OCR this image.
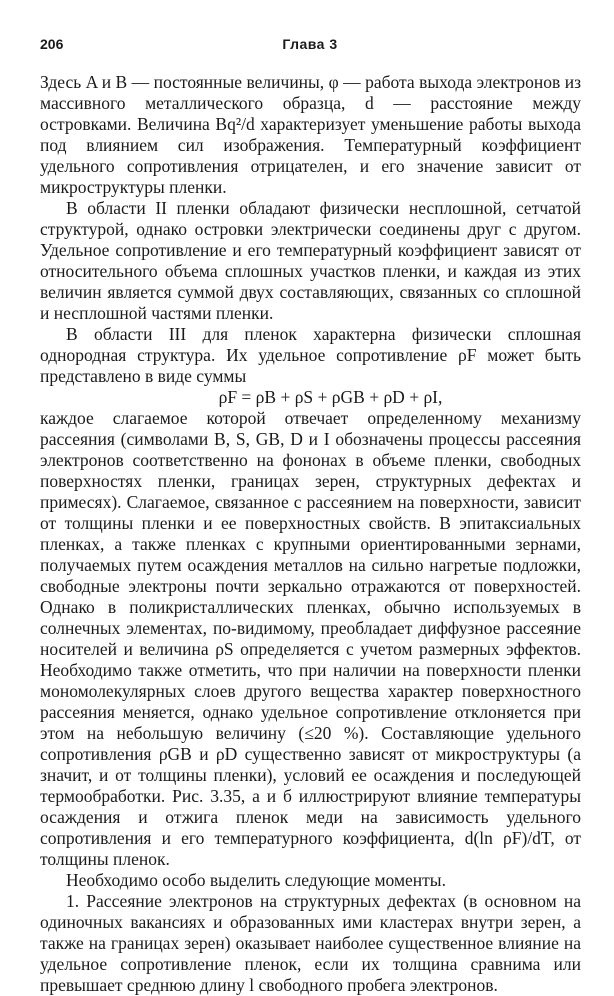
206	Глава 3

Здесь A и B — постоянные величины, φ — работа выхода электронов из массивного металлического образца, d — расстояние между островками. Величина Bq²/d характеризует уменьшение работы выхода под влиянием сил изображения. Температурный коэффициент удельного сопротивления отрицателен, и его значение зависит от микроструктуры пленки.

В области II пленки обладают физически несплошной, сетчатой структурой, однако островки электрически соединены друг с другом. Удельное сопротивление и его температурный коэффициент зависят от относительного объема сплошных участков пленки, и каждая из этих величин является суммой двух составляющих, связанных со сплошной и несплошной частями пленки.

В области III для пленок характерна физически сплошная однородная структура. Их удельное сопротивление ρF может быть представлено в виде суммы

ρF = ρB + ρS + ρGB + ρD + ρI,

каждое слагаемое которой отвечает определенному механизму рассеяния (символами B, S, GB, D и I обозначены процессы рассеяния электронов соответственно на фононах в объеме пленки, свободных поверхностях пленки, границах зерен, структурных дефектах и примесях). Слагаемое, связанное с рассеянием на поверхности, зависит от толщины пленки и ее поверхностных свойств. В эпитаксиальных пленках, а также пленках с крупными ориентированными зернами, получаемых путем осаждения металлов на сильно нагретые подложки, свободные электроны почти зеркально отражаются от поверхностей. Однако в поликристаллических пленках, обычно используемых в солнечных элементах, по-видимому, преобладает диффузное рассеяние носителей и величина ρS определяется с учетом размерных эффектов. Необходимо также отметить, что при наличии на поверхности пленки мономолекулярных слоев другого вещества характер поверхностного рассеяния меняется, однако удельное сопротивление отклоняется при этом на небольшую величину (≤20 %). Составляющие удельного сопротивления ρGB и ρD существенно зависят от микроструктуры (а значит, и от толщины пленки), условий ее осаждения и последующей термообработки. Рис. 3.35, а и б иллюстрируют влияние температуры осаждения и отжига пленок меди на зависимость удельного сопротивления и его температурного коэффициента, d(ln ρF)/dT, от толщины пленок.

Необходимо особо выделить следующие моменты.

1. Рассеяние электронов на структурных дефектах (в основном на одиночных вакансиях и образованных ими кластерах внутри зерен, а также на границах зерен) оказывает наиболее существенное влияние на удельное сопротивление пленок, если их толщина сравнима или превышает среднюю длину l свободного пробега электронов.
